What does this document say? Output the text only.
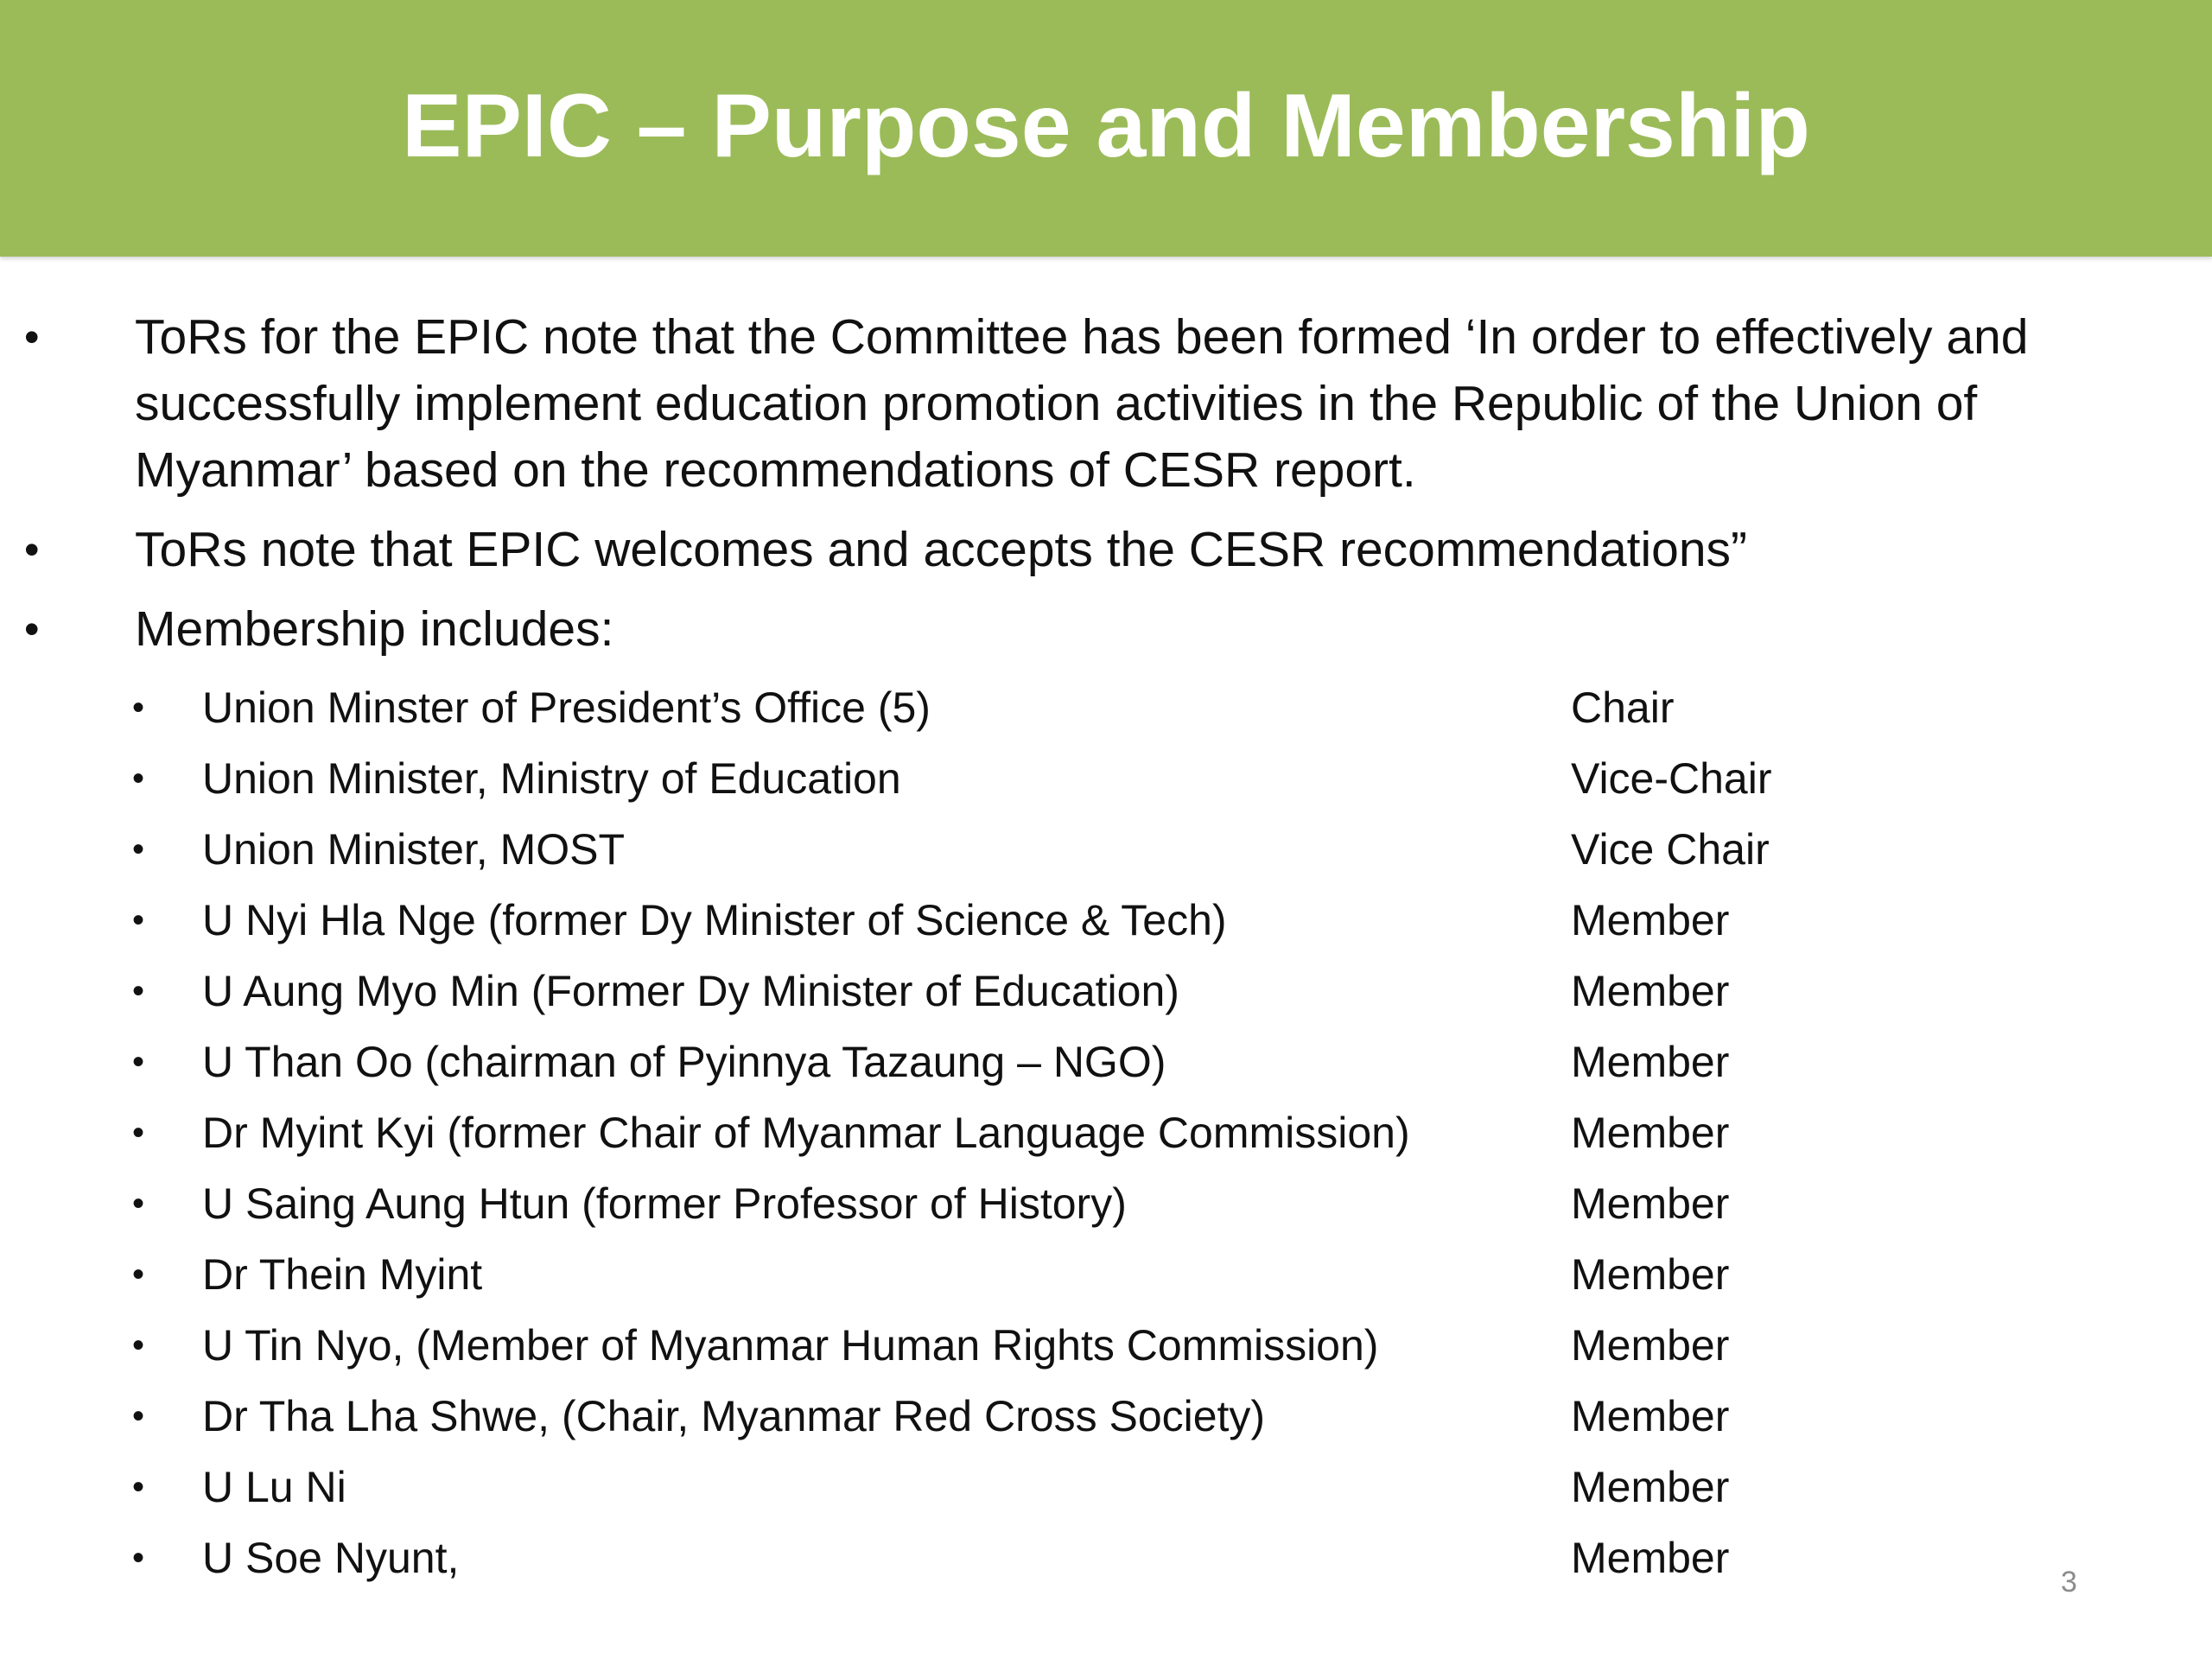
EPIC – Purpose and Membership
• ToRs for the EPIC note that the Committee has been formed ‘In order to effectively and successfully implement education promotion activities in the Republic of the Union of Myanmar’ based on the recommendations of CESR report.
• ToRs note that EPIC welcomes and accepts the CESR recommendations”
• Membership includes:
• Union Minster of President’s Office (5)	Chair
• Union Minister, Ministry of Education	Vice-Chair
• Union Minister, MOST	Vice Chair
• U Nyi Hla Nge (former Dy Minister of Science & Tech)	Member
• U Aung Myo Min (Former Dy Minister of Education)	Member
• U Than Oo (chairman of Pyinnya Tazaung – NGO)	Member
• Dr Myint Kyi (former Chair of Myanmar Language Commission)	Member
• U Saing Aung Htun (former Professor of History)	Member
• Dr Thein Myint	Member
• U Tin Nyo, (Member of Myanmar Human Rights Commission)	Member
• Dr Tha Lha Shwe, (Chair, Myanmar Red Cross Society)	Member
• U Lu Ni	Member
• U Soe Nyunt,	Member	3
